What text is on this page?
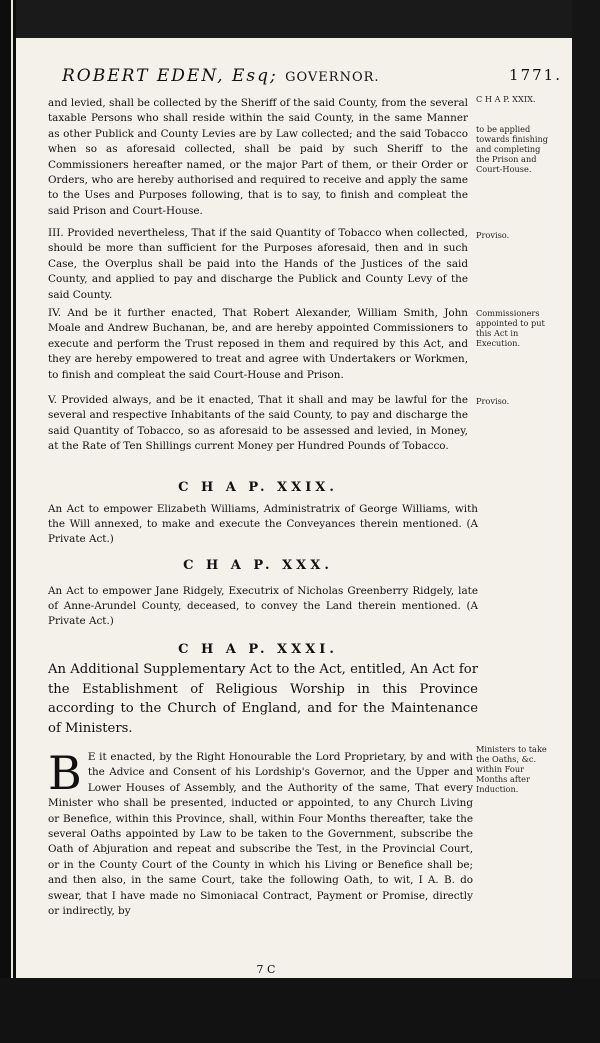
ROBERT EDEN, Esq; GOVERNOR.	1771.
and levied, shall be collected by the Sheriff of the said County, from the several taxable Persons who shall reside within the said County, in the same Manner as other Publick and County Levies are by Law collected; and the said Tobacco when so as aforesaid collected, shall be paid by such Sheriff to the Commissioners hereafter named, or the major Part of them, or their Order or Orders, who are hereby authorised and required to receive and apply the same to the Uses and Purposes following, that is to say, to finish and compleat the said Prison and Court-House.
III. Provided nevertheless, That if the said Quantity of Tobacco when collected, should be more than sufficient for the Purposes aforesaid, then and in such Case, the Overplus shall be paid into the Hands of the Justices of the said County, and applied to pay and discharge the Publick and County Levy of the said County.
IV. And be it further enacted, That Robert Alexander, William Smith, John Moale and Andrew Buchanan, be, and are hereby appointed Commissioners to execute and perform the Trust reposed in them and required by this Act, and they are hereby empowered to treat and agree with Undertakers or Workmen, to finish and compleat the said Court-House and Prison.
V. Provided always, and be it enacted, That it shall and may be lawful for the several and respective Inhabitants of the said County, to pay and discharge the said Quantity of Tobacco, so as aforesaid to be assessed and levied, in Money, at the Rate of Ten Shillings current Money per Hundred Pounds of Tobacco.
C H A P. XXIX.
to be applied towards finishing and completing the Prison and Court-House.
Proviso.
Commissioners appointed to put this Act in Execution.
Proviso.
Ministers to take the Oaths, &c. within Four Months after Induction.
C H A P. XXIX.
An Act to empower Elizabeth Williams, Administratrix of George Williams, with the Will annexed, to make and execute the Conveyances therein mentioned. (A Private Act.)
C H A P. XXX.
An Act to empower Jane Ridgely, Executrix of Nicholas Greenberry Ridgely, late of Anne-Arundel County, deceased, to convey the Land therein mentioned. (A Private Act.)
C H A P. XXXI.
An Additional Supplementary Act to the Act, entitled, An Act for the Establishment of Religious Worship in this Province according to the Church of England, and for the Maintenance of Ministers.
B E it enacted, by the Right Honourable the Lord Proprietary, by and with the Advice and Consent of his Lordship's Governor, and the Upper and Lower Houses of Assembly, and the Authority of the same, That every Minister who shall be presented, inducted or appointed, to any Church Living or Benefice, within this Province, shall, within Four Months thereafter, take the several Oaths appointed by Law to be taken to the Government, subscribe the Oath of Abjuration and repeat and subscribe the Test, in the Provincial Court, or in the County Court of the County in which his Living or Benefice shall be; and then also, in the same Court, take the following Oath, to wit, I A. B. do swear, that I have made no Simoniacal Contract, Payment or Promise, directly or indirectly, by
7 C
